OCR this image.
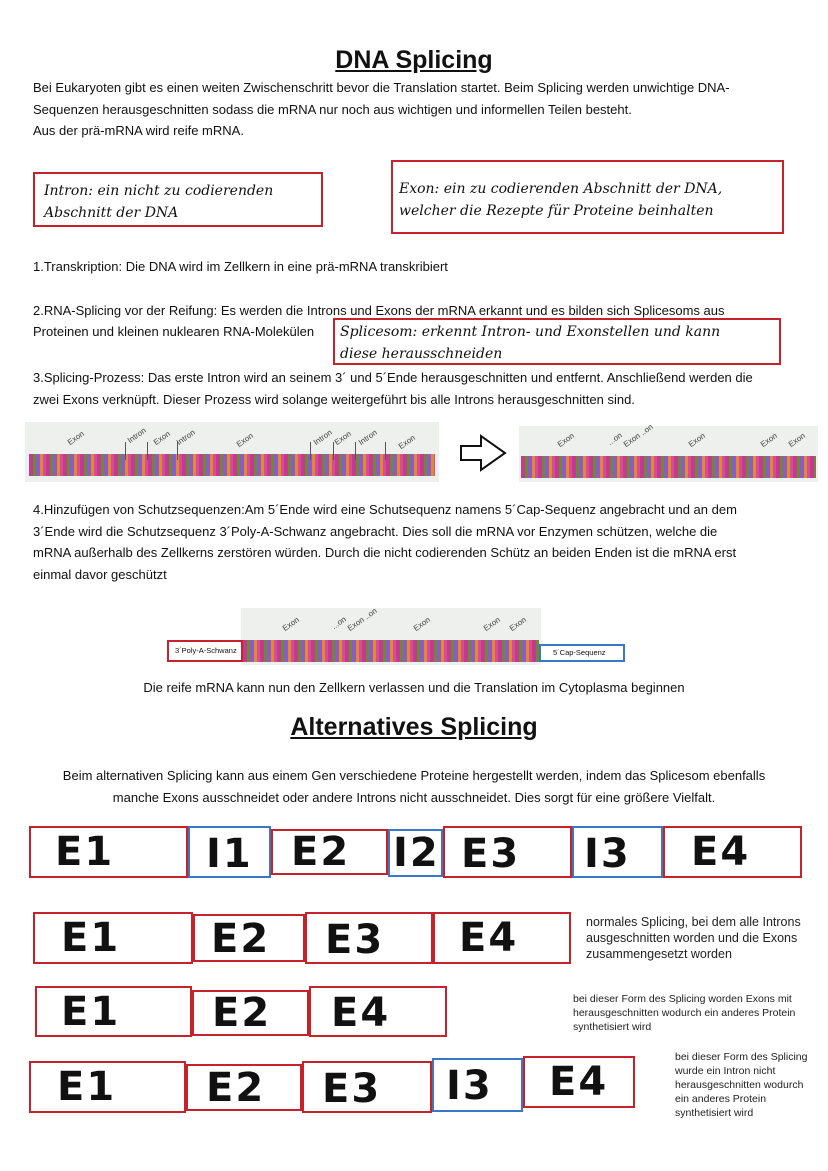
DNA Splicing
Bei Eukaryoten gibt es einen weiten Zwischenschritt bevor die Translation startet. Beim Splicing werden unwichtige DNA-
Sequenzen herausgeschnitten sodass die mRNA nur noch aus wichtigen und informellen Teilen besteht.
Aus der prä-mRNA wird reife mRNA.
Intron: ein nicht zu codierenden
Abschnitt der DNA
Exon: ein zu codierenden Abschnitt der DNA,
welcher die Rezepte für Proteine beinhalten
1.Transkription: Die DNA wird im Zellkern in eine prä-mRNA transkribiert
2.RNA-Splicing vor der Reifung: Es werden die Introns und Exons der mRNA erkannt und es bilden sich Splicesoms aus
Proteinen und kleinen nuklearen RNA-Molekülen Splicesom: erkennt Intron- und Exonstellen und kann
diese herausschneiden
3.Splicing-Prozess: Das erste Intron wird an seinem 3´ und 5´Ende herausgeschnitten und entfernt. Anschließend werden die
zwei Exons verknüpft. Dieser Prozess wird solange weitergeführt bis alle Introns herausgeschnitten sind.
Exon	Intron Exon Intron	Exon	Intron Exon Intron Exon	Exon	...on
Exon ..on	Exon	Exon Exon
4.Hinzufügen von Schutzsequenzen:Am 5´Ende wird eine Schutsequenz namens 5´Cap-Sequenz angebracht und an dem
3´Ende wird die Schutzsequenz 3´Poly-A-Schwanz angebracht. Dies soll die mRNA vor Enzymen schützen, welche die
mRNA außerhalb des Zellkerns zerstören würden. Durch die nicht codierenden Schütz an beiden Enden ist die mRNA erst
einmal davor geschützt
Exon	...on
Exon ..on	Exon	Exon Exon
3´Poly-A-Schwanz	5´Cap-Sequenz
Die reife mRNA kann nun den Zellkern verlassen und die Translation im Cytoplasma beginnen
Alternatives Splicing
Beim alternativen Splicing kann aus einem Gen verschiedene Proteine hergestellt werden, indem das Splicesom ebenfalls
manche Exons ausschneidet oder andere Introns nicht ausschneidet. Dies sorgt für eine größere Vielfalt.
E1	I1 E2	I2 E3	I3	E4
E1	E2	E3	E4	normales Splicing, bei dem alle Introns
ausgeschnitten worden und die Exons
zusammengesetzt worden
E1	E2	E4	bei dieser Form des Splicing worden Exons mit
herausgeschnitten wodurch ein anderes Protein
synthetisiert wird
E1	E2	E3	I3	E4
bei dieser Form des Splicing
wurde ein Intron nicht
herausgeschnitten wodurch
ein anderes Protein
synthetisiert wird
